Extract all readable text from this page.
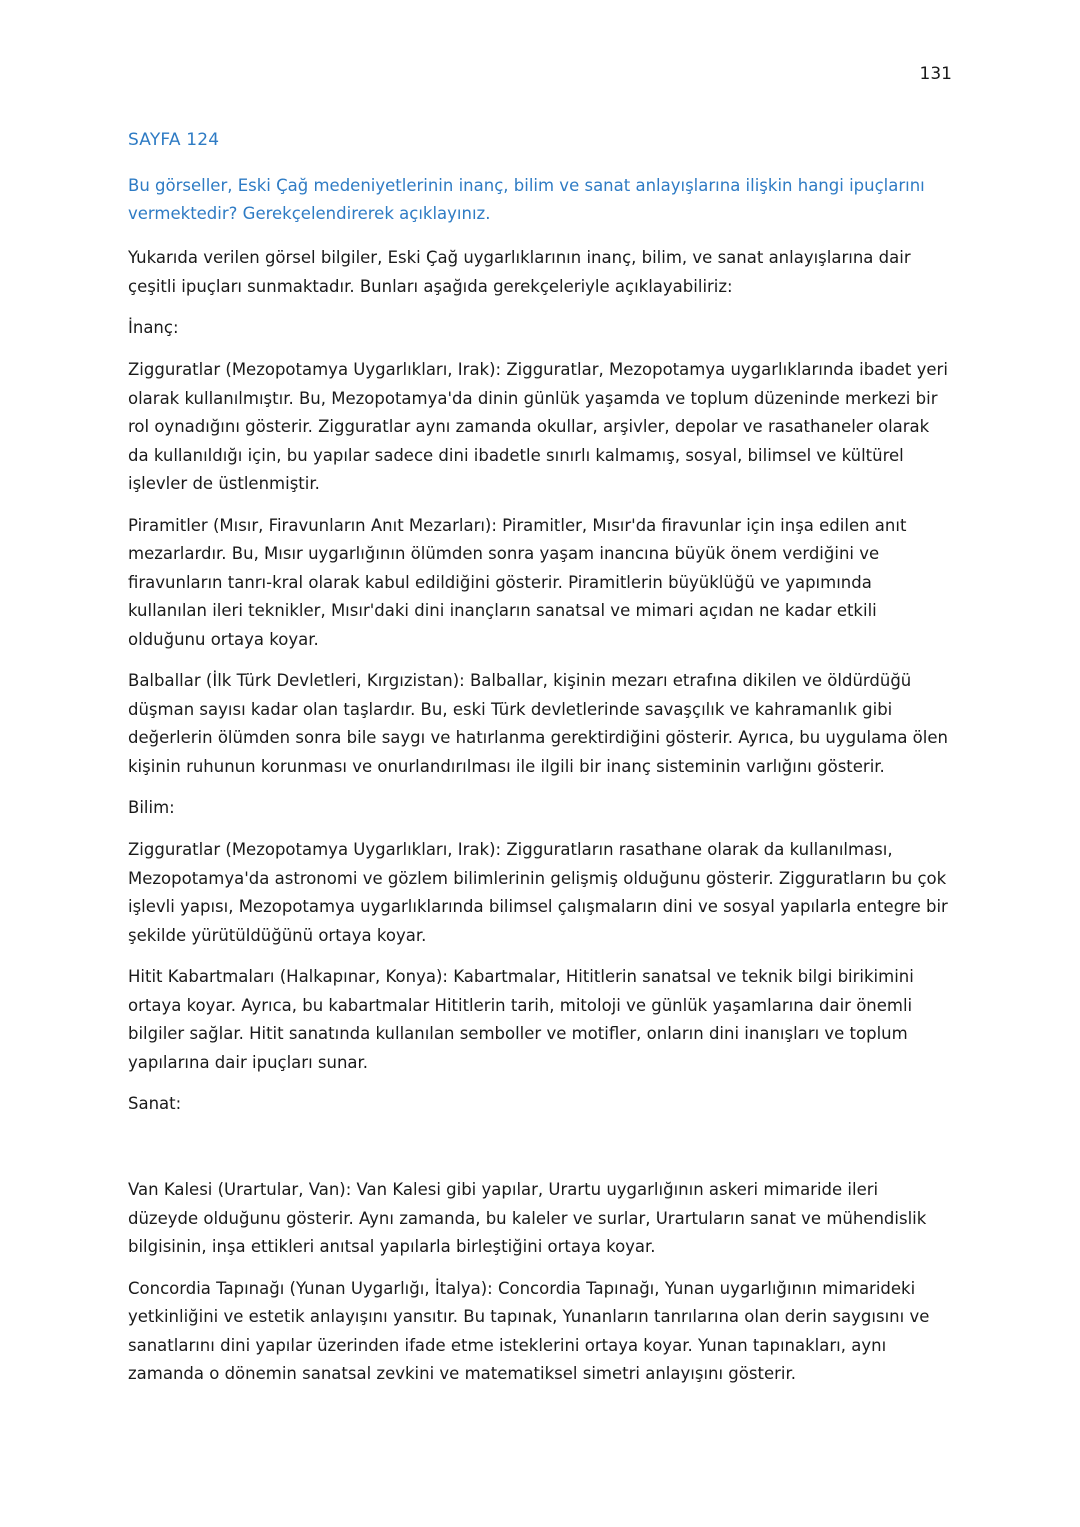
131
SAYFA 124

Bu görseller, Eski Çağ medeniyetlerinin inanç, bilim ve sanat anlayışlarına ilişkin hangi ipuçlarını vermektedir? Gerekçelendirerek açıklayınız.

Yukarıda verilen görsel bilgiler, Eski Çağ uygarlıklarının inanç, bilim, ve sanat anlayışlarına dair çeşitli ipuçları sunmaktadır. Bunları aşağıda gerekçeleriyle açıklayabiliriz:

İnanç:

Zigguratlar (Mezopotamya Uygarlıkları, Irak): Zigguratlar, Mezopotamya uygarlıklarında ibadet yeri olarak kullanılmıştır. Bu, Mezopotamya'da dinin günlük yaşamda ve toplum düzeninde merkezi bir rol oynadığını gösterir. Zigguratlar aynı zamanda okullar, arşivler, depolar ve rasathaneler olarak da kullanıldığı için, bu yapılar sadece dini ibadetle sınırlı kalmamış, sosyal, bilimsel ve kültürel işlevler de üstlenmiştir.

Piramitler (Mısır, Firavunların Anıt Mezarları): Piramitler, Mısır'da firavunlar için inşa edilen anıt mezarlardır. Bu, Mısır uygarlığının ölümden sonra yaşam inancına büyük önem verdiğini ve firavunların tanrı-kral olarak kabul edildiğini gösterir. Piramitlerin büyüklüğü ve yapımında kullanılan ileri teknikler, Mısır'daki dini inançların sanatsal ve mimari açıdan ne kadar etkili olduğunu ortaya koyar.

Balballar (İlk Türk Devletleri, Kırgızistan): Balballar, kişinin mezarı etrafına dikilen ve öldürdüğü düşman sayısı kadar olan taşlardır. Bu, eski Türk devletlerinde savaşçılık ve kahramanlık gibi değerlerin ölümden sonra bile saygı ve hatırlanma gerektirdiğini gösterir. Ayrıca, bu uygulama ölen kişinin ruhunun korunması ve onurlandırılması ile ilgili bir inanç sisteminin varlığını gösterir.

Bilim:

Zigguratlar (Mezopotamya Uygarlıkları, Irak): Zigguratların rasathane olarak da kullanılması, Mezopotamya'da astronomi ve gözlem bilimlerinin gelişmiş olduğunu gösterir. Zigguratların bu çok işlevli yapısı, Mezopotamya uygarlıklarında bilimsel çalışmaların dini ve sosyal yapılarla entegre bir şekilde yürütüldüğünü ortaya koyar.

Hitit Kabartmaları (Halkapınar, Konya): Kabartmalar, Hititlerin sanatsal ve teknik bilgi birikimini ortaya koyar. Ayrıca, bu kabartmalar Hititlerin tarih, mitoloji ve günlük yaşamlarına dair önemli bilgiler sağlar. Hitit sanatında kullanılan semboller ve motifler, onların dini inanışları ve toplum yapılarına dair ipuçları sunar.

Sanat:

Van Kalesi (Urartular, Van): Van Kalesi gibi yapılar, Urartu uygarlığının askeri mimaride ileri düzeyde olduğunu gösterir. Aynı zamanda, bu kaleler ve surlar, Urartuların sanat ve mühendislik bilgisinin, inşa ettikleri anıtsal yapılarla birleştiğini ortaya koyar.

Concordia Tapınağı (Yunan Uygarlığı, İtalya): Concordia Tapınağı, Yunan uygarlığının mimarideki yetkinliğini ve estetik anlayışını yansıtır. Bu tapınak, Yunanların tanrılarına olan derin saygısını ve sanatlarını dini yapılar üzerinden ifade etme isteklerini ortaya koyar. Yunan tapınakları, aynı zamanda o dönemin sanatsal zevkini ve matematiksel simetri anlayışını gösterir.
